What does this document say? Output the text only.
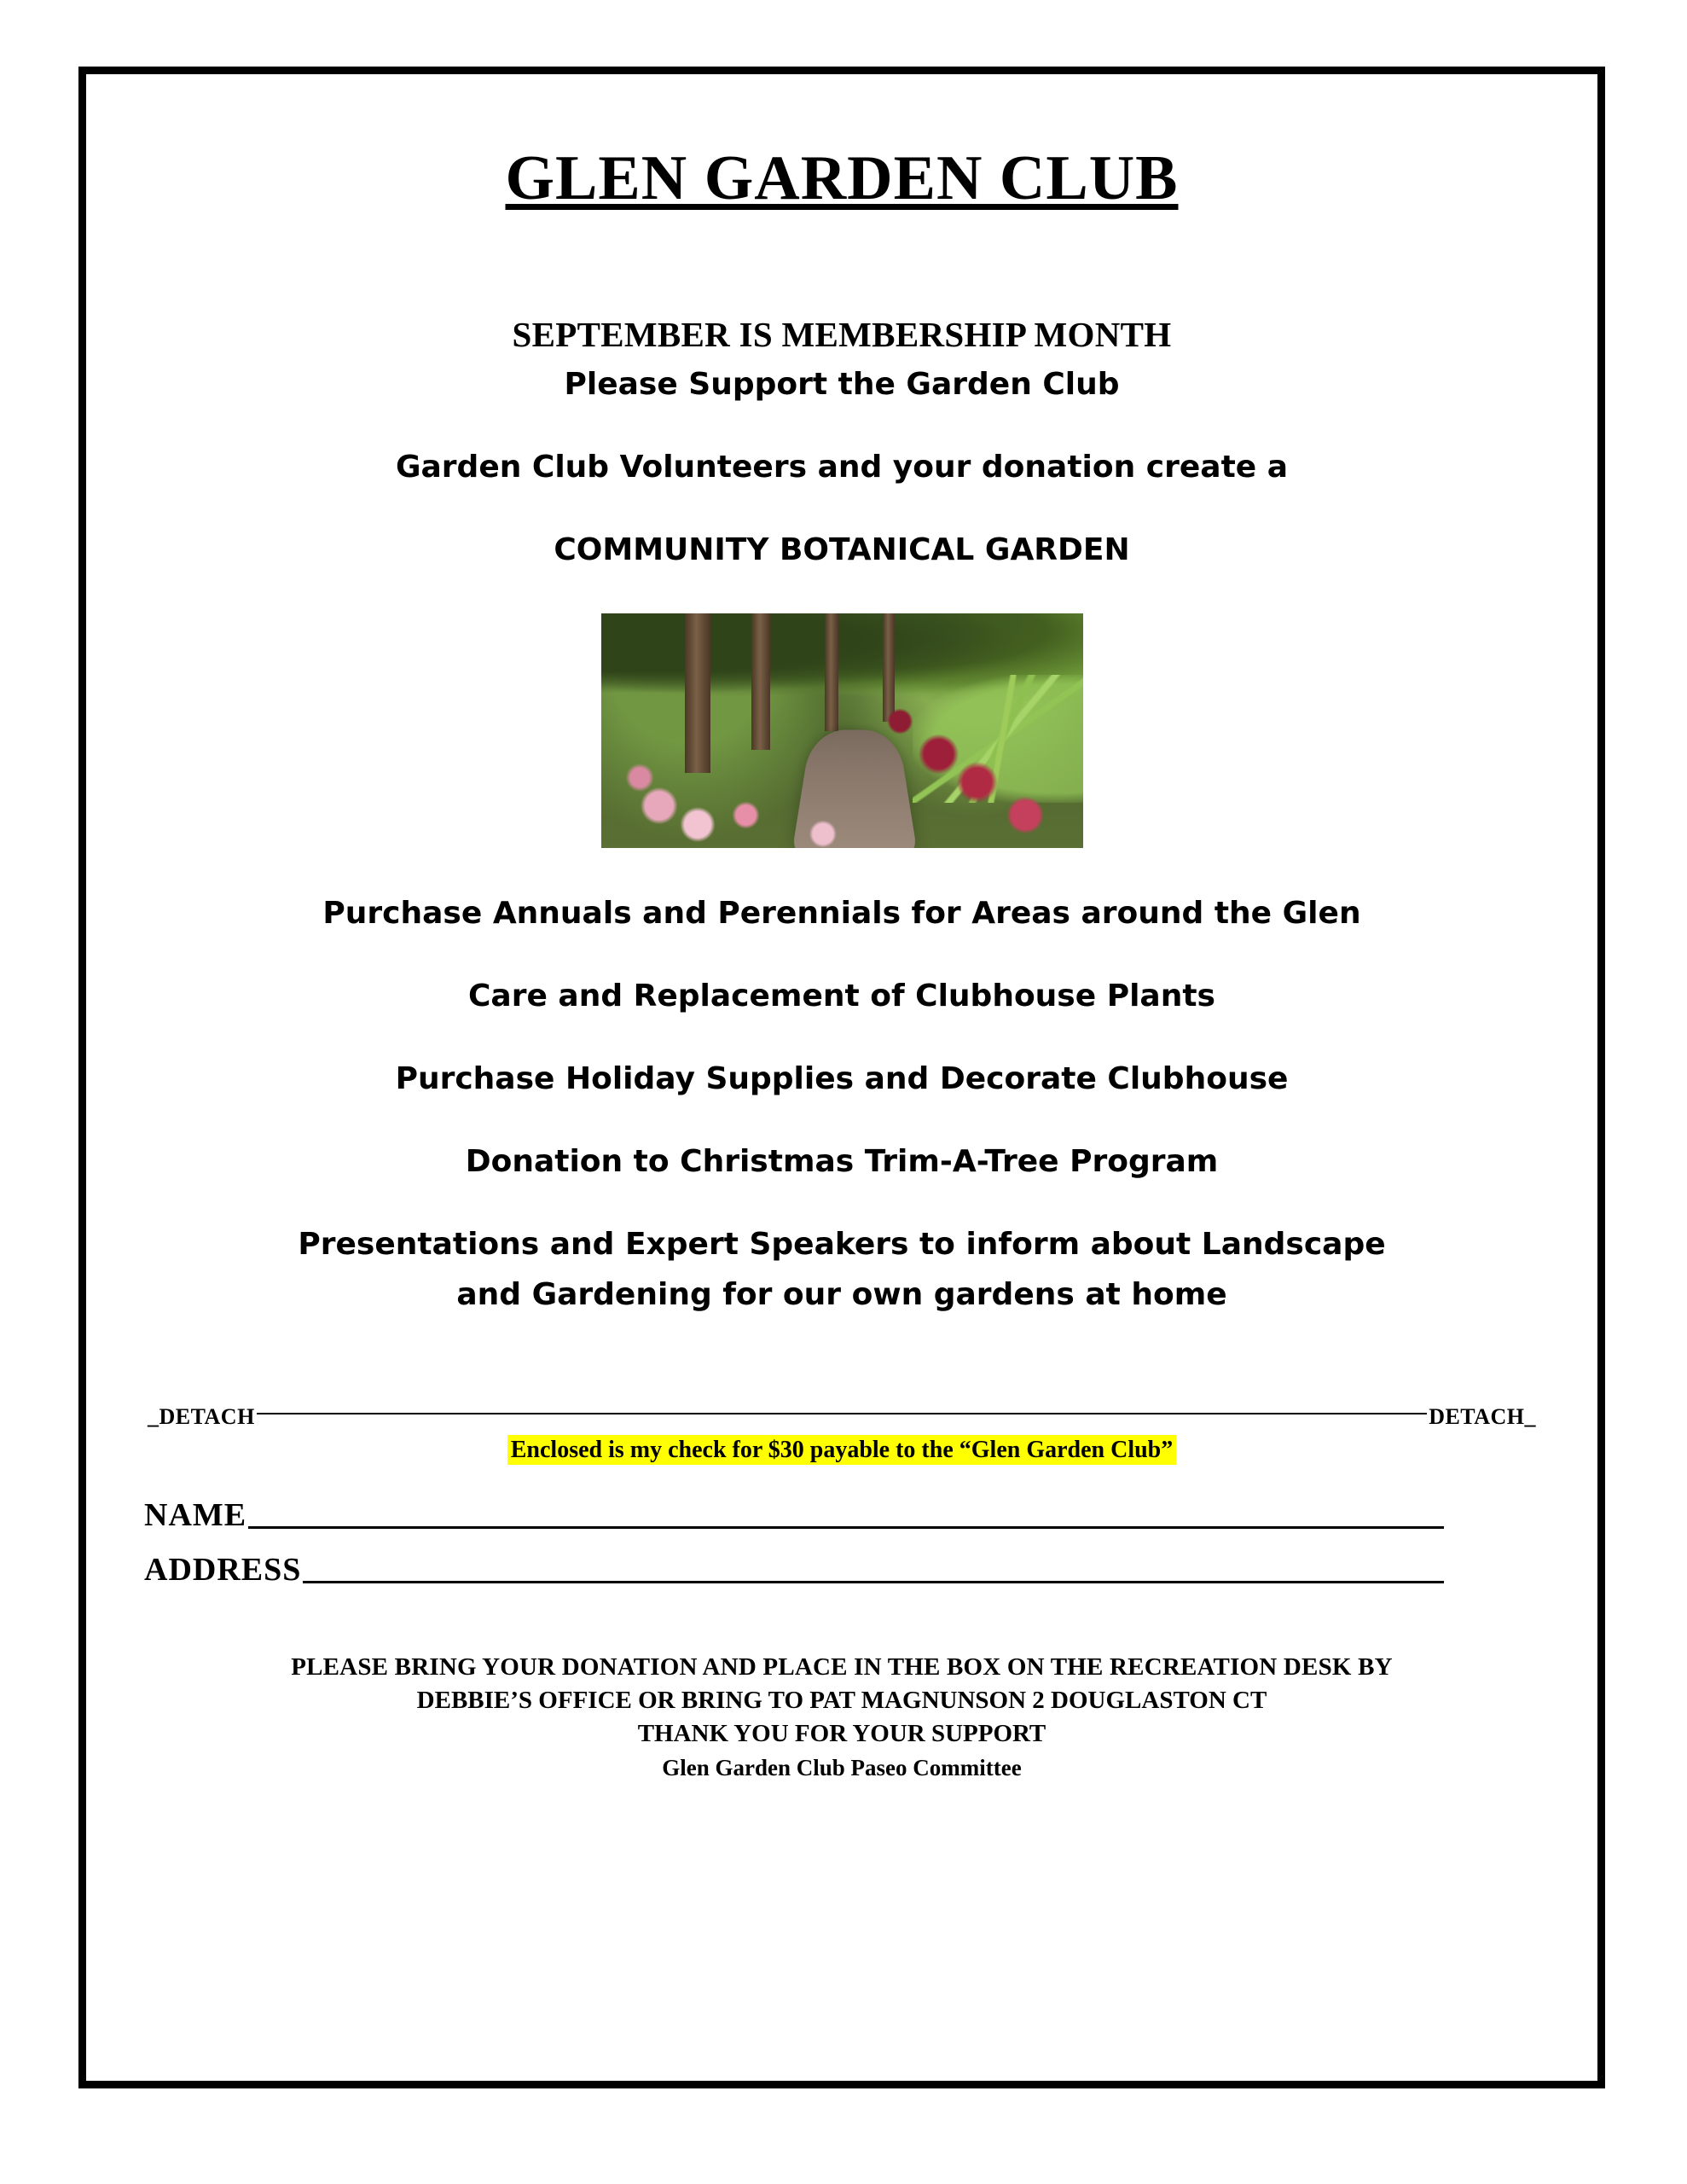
GLEN GARDEN CLUB
SEPTEMBER IS MEMBERSHIP MONTH
Please Support the Garden Club
Garden Club Volunteers and your donation create a
COMMUNITY BOTANICAL GARDEN
Purchase Annuals and Perennials for Areas around the Glen
Care and Replacement of Clubhouse Plants
Purchase Holiday Supplies and Decorate Clubhouse
Donation to Christmas Trim-A-Tree Program
Presentations and Expert Speakers to inform about Landscape
and Gardening for our own gardens at home
_DETACH	DETACH_
Enclosed is my check for $30 payable to the “Glen Garden Club”
NAME
ADDRESS
PLEASE BRING YOUR DONATION AND PLACE IN THE BOX ON THE RECREATION DESK BY
DEBBIE’S OFFICE OR BRING TO PAT MAGNUNSON 2 DOUGLASTON CT
THANK YOU FOR YOUR SUPPORT
Glen Garden Club Paseo Committee
